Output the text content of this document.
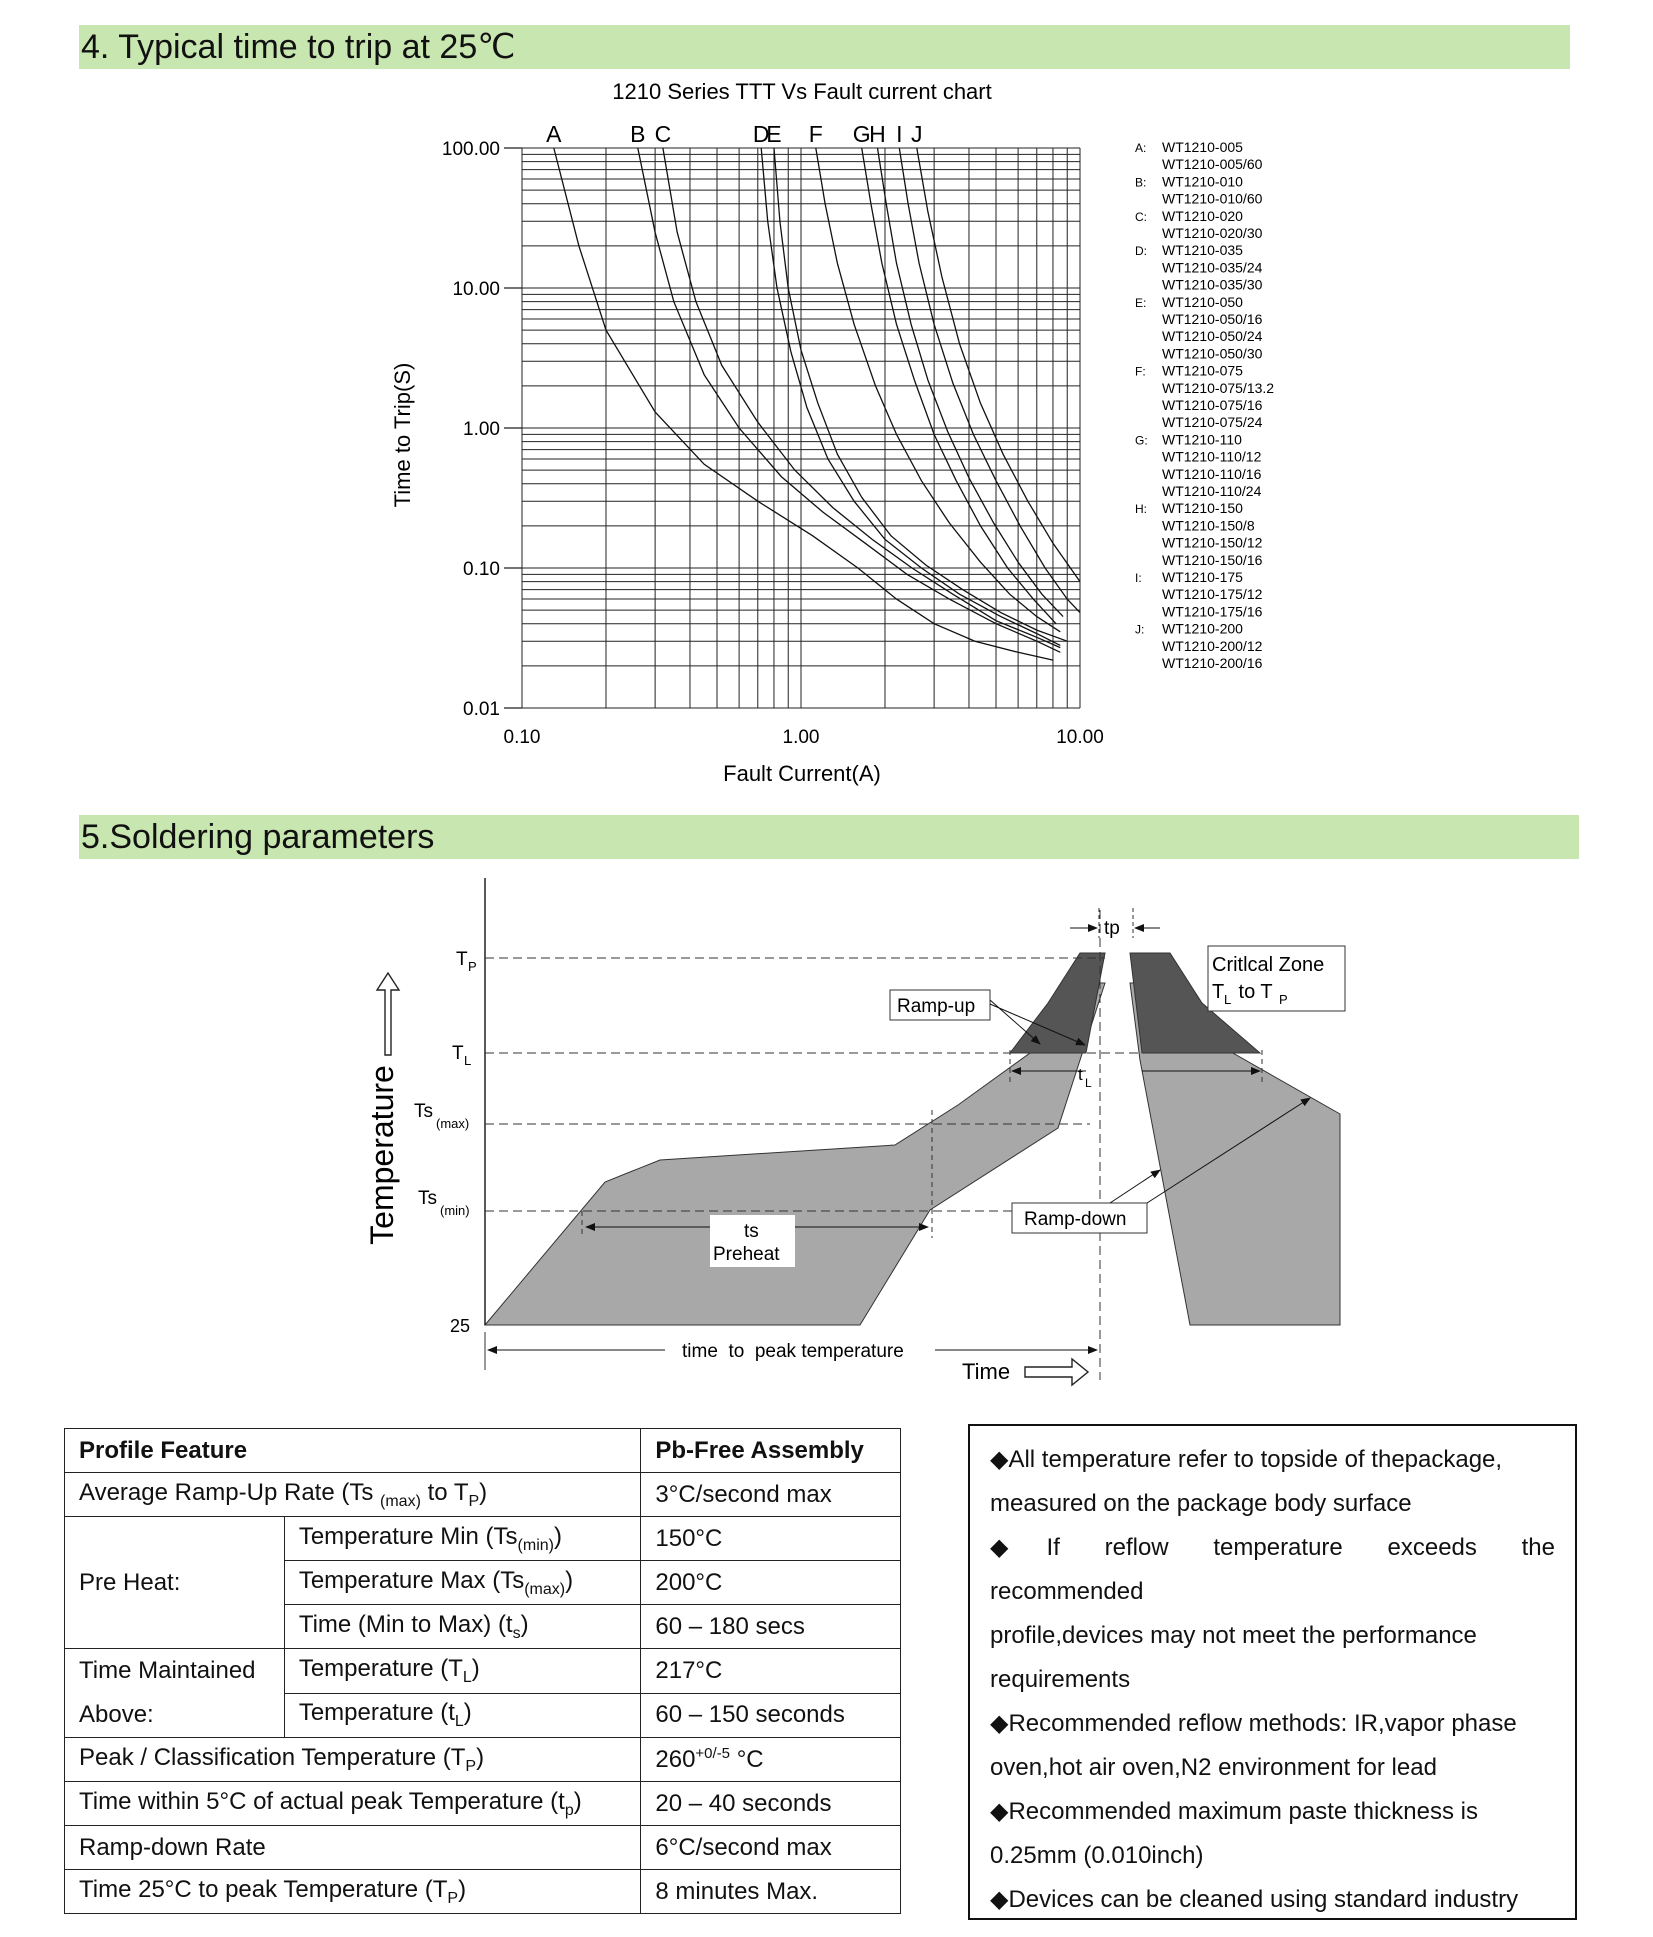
4. Typical time to trip at 25℃
1210 Series TTT Vs Fault current chart
Time to Trip(S)
Fault Current(A)
0.01
0.10
1.00
10.00
100.00
0.10	1.00	10.00
A	B C	D
E F G
H I J
A: WT1210-005
WT1210-005/60
B: WT1210-010
WT1210-010/60
C: WT1210-020
WT1210-020/30
D: WT1210-035
WT1210-035/24
WT1210-035/30
E: WT1210-050
WT1210-050/16
WT1210-050/24
WT1210-050/30
F: WT1210-075
WT1210-075/13.2
WT1210-075/16
WT1210-075/24
G: WT1210-110
WT1210-110/12
WT1210-110/16
WT1210-110/24
H: WT1210-150
WT1210-150/8
WT1210-150/12
WT1210-150/16
I: WT1210-175
WT1210-175/12
WT1210-175/16
J: WT1210-200
WT1210-200/12
WT1210-200/16
5.Soldering parameters
T P
T L
Ts
(max)
Ts
(min)
25
Temperature
tp
t L
Critlcal Zone
T L to T P
Ramp-up
Ramp-down
ts
Preheat
time  to  peak temperature
Time
Profile Feature		Pb-Free Assembly
Average Ramp-Up Rate (Ts $_{(max)}$ to $T_P$)		3°C/second max
Pre Heat:	Temperature Min $(Ts_{(min)})$	150°C
	Temperature Max $(Ts_{(max)})$	200°C
	Time (Min to Max) $(t_s)$	60 – 180 secs

Time Maintained
Above:	Temperature $(T_L)$	217°C
	Temperature $(t_L)$	60 – 150 seconds
Peak / Classification Temperature $(T_P)$		$260^{+0/-5}$ °C
Time within 5°C of actual peak Temperature $(t_p)$		20 – 40 seconds
Ramp-down Rate		6°C/second max
Time 25°C to peak Temperature $(T_P)$		8 minutes Max.

◆All temperature refer to topside of thepackage,

measured on the package body surface

◆If reflow temperature exceeds the

recommended

profile,devices may not meet the performance

requirements

◆Recommended reflow methods: IR,vapor phase

oven,hot air oven,N2 environment for lead

◆Recommended maximum paste thickness is

0.25mm (0.010inch)

◆Devices can be cleaned using standard industry
